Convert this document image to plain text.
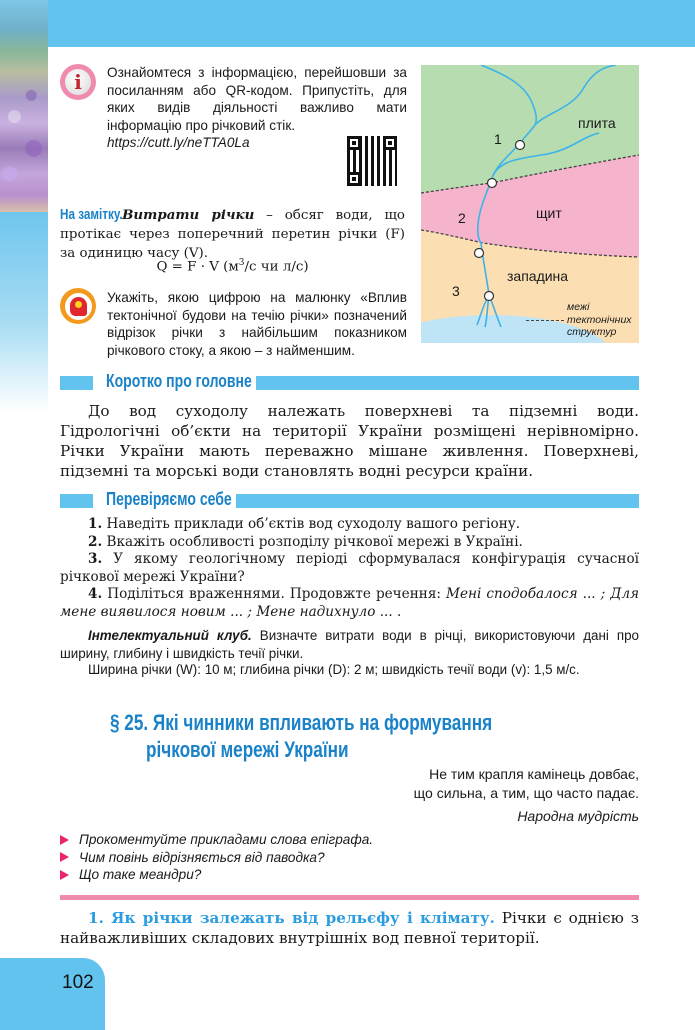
i	Ознайомтеся з інформацією, перейшовши за посиланням або QR-кодом. Припустіть, для яких видів діяльності важливо мати інформацію про річковий стік.
https://cutt.ly/neTTA0La
На замітку. Витрати річки – обсяг води, що протікає через поперечний перетин річки (F) за одиницю часу (V).
Q = F · V ($м^3/с$ чи л/с)
Укажіть, якою цифрою на малюнку «Вплив тектонічної будови на течію річки» позначений відрізок річки з найбільшим показником річкового стоку, а якою – з найменшим.
плита
щит
западина
1
2
3
межі
тектонічних
структур
Коротко про головне

До вод суходолу належать поверхневі та підземні води. Гідрологічні об’єкти на території України розміщені нерівномірно. Річки України мають переважно мішане живлення. Поверхневі, підземні та морські води становлять водні ресурси країни.

Перевіряємо себе

1. Наведіть приклади об’єктів вод суходолу вашого регіону.

2. Вкажіть особливості розподілу річкової мережі в Україні.

3. У якому геологічному періоді сформувалася конфігурація сучасної річкової мережі України?

4. Поділіться враженнями. Продовжте речення: Мені сподобалося ... ; Для мене виявилося новим ... ; Мене надихнуло ... .

Інтелектуальний клуб. Визначте витрати води в річці, використовуючи дані про ширину, глибину і швидкість течії річки.

Ширина річки (W): 10 м; глибина річки (D): 2 м; швидкість течії води (v): 1,5 м/с.
§ 25. Які чинники впливають на формування
річкової мережі України
Не тим крапля камінець довбає,
що сильна, а тим, що часто падає.
Народна мудрість
Прокоментуйте прикладами слова епіграфа.
Чим повінь відрізняється від паводка?
Що таке меандри?

1. Як річки залежать від рельєфу і клімату. Річки є однією з найважливіших складових внутрішніх вод певної території.

102
